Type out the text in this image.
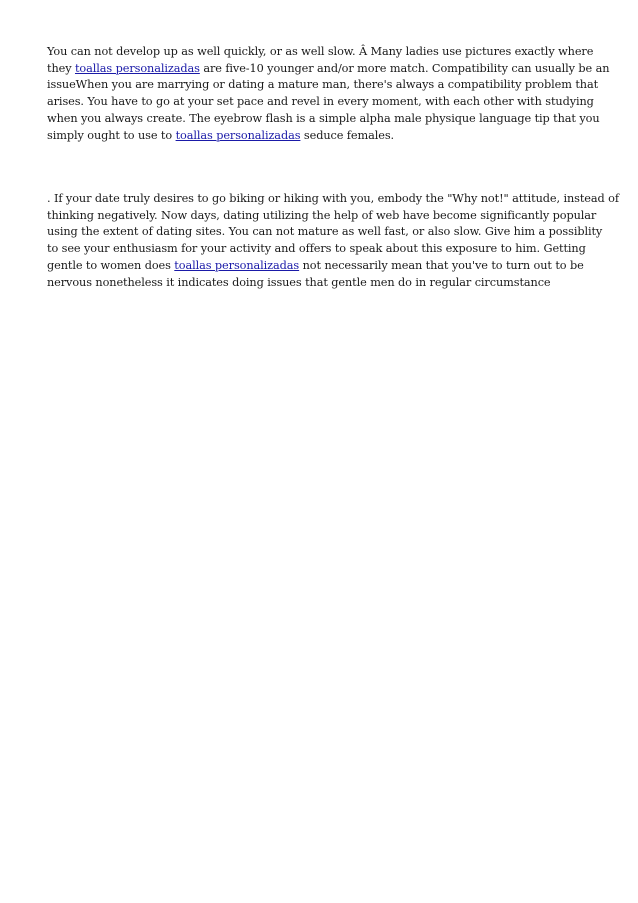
You can not develop up as well quickly, or as well slow. Â Many ladies use pictures exactly where
they toallas personalizadas are five-10 younger and/or more match. Compatibility can usually be an
issueWhen you are marrying or dating a mature man, there's always a compatibility problem that
arises. You have to go at your set pace and revel in every moment, with each other with studying
when you always create. The eyebrow flash is a simple alpha male physique language tip that you
simply ought to use to toallas personalizadas seduce females.

. If your date truly desires to go biking or hiking with you, embody the "Why not!" attitude, instead of
thinking negatively. Now days, dating utilizing the help of web have become significantly popular
using the extent of dating sites. You can not mature as well fast, or also slow. Give him a possiblity
to see your enthusiasm for your activity and offers to speak about this exposure to him. Getting
gentle to women does toallas personalizadas not necessarily mean that you've to turn out to be
nervous nonetheless it indicates doing issues that gentle men do in regular circumstance
